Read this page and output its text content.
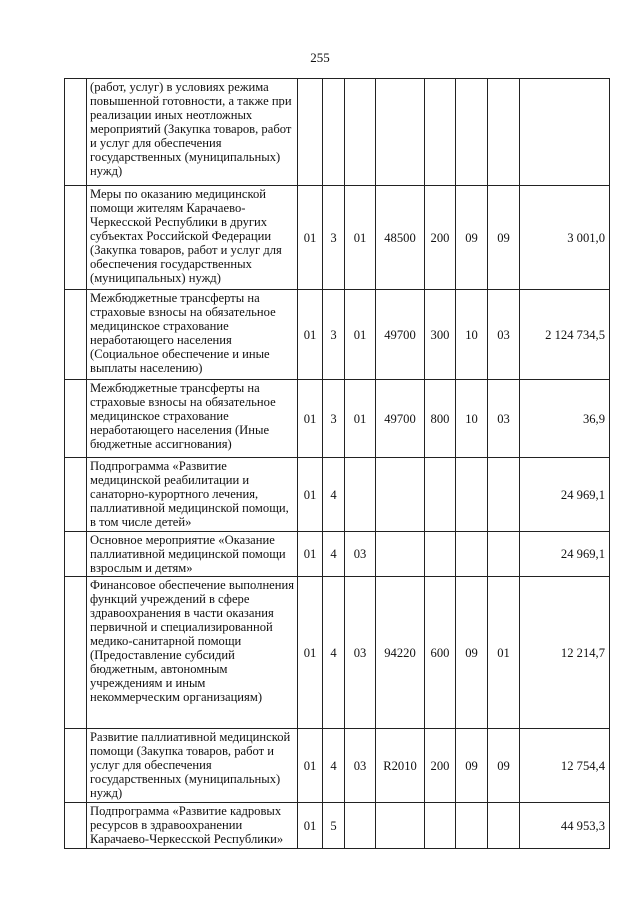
255
	(работ, услуг) в условиях режима повышенной готовности, а также при реализации иных неотложных мероприятий (Закупка товаров, работ и услуг для обеспечения государственных (муниципальных) нужд)								
	Меры по оказанию медицинской помощи жителям Карачаево-Черкесской Республики в других субъектах Российской Федерации (Закупка товаров, работ и услуг для обеспечения государственных (муниципальных) нужд)	01	3	01	48500	200	09	09	3 001,0
	Межбюджетные трансферты на страховые взносы на обязательное медицинское страхование неработающего населения (Социальное обеспечение и иные выплаты населению)	01	3	01	49700	300	10	03	2 124 734,5
	Межбюджетные трансферты на страховые взносы на обязательное медицинское страхование неработающего населения (Иные бюджетные ассигнования)	01	3	01	49700	800	10	03	36,9
	Подпрограмма «Развитие медицинской реабилитации и санаторно-курортного лечения, паллиативной медицинской помощи, в том числе детей»	01	4						24 969,1
	Основное мероприятие «Оказание паллиативной медицинской помощи взрослым и детям»	01	4	03					24 969,1
	Финансовое обеспечение выполнения функций учреждений в сфере здравоохранения в части оказания первичной и специализированной медико-санитарной помощи (Предоставление субсидий бюджетным, автономным учреждениям и иным некоммерческим организациям)	01	4	03	94220	600	09	01	12 214,7
	Развитие паллиативной медицинской помощи (Закупка товаров, работ и услуг для обеспечения государственных (муниципальных) нужд)	01	4	03	R2010	200	09	09	12 754,4
	Подпрограмма «Развитие кадровых ресурсов в здравоохранении Карачаево-Черкесской Республики»	01	5						44 953,3
